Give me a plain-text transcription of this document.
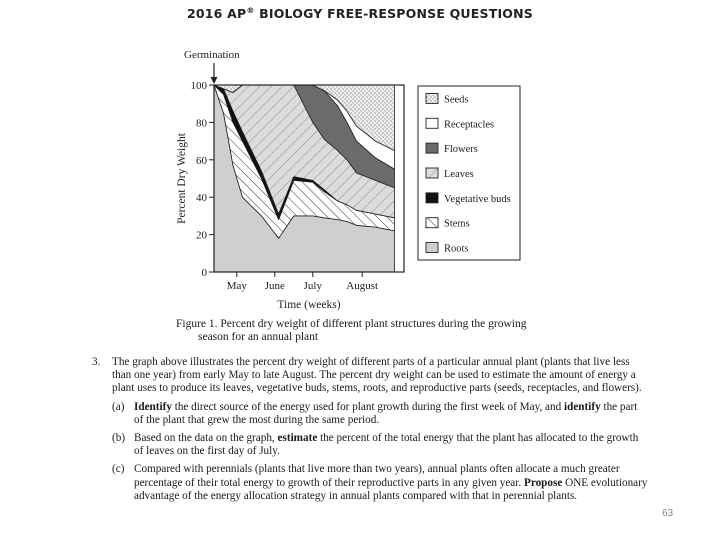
2016 AP® BIOLOGY FREE-RESPONSE QUESTIONS
0
20
40
60
80
100
May June July August
Time (weeks)
Percent Dry Weight
Germination
Seeds
Receptacles
Flowers
Leaves
Vegetative buds
Stems
Roots
Figure 1. Percent dry weight of different plant structures during the growing
season for an annual plant
3.	The graph above illustrates the percent dry weight of different parts of a particular annual plant (plants that live less than one year) from early May to late August. The percent dry weight can be used to estimate the amount of energy a plant uses to produce its leaves, vegetative buds, stems, roots, and reproductive parts (seeds, receptacles, and flowers).
(a) Identify the direct source of the energy used for plant growth during the first week of May, and identify the part of the plant that grew the most during the same period.
(b) Based on the data on the graph, estimate the percent of the total energy that the plant has allocated to the growth of leaves on the first day of July.
(c) Compared with perennials (plants that live more than two years), annual plants often allocate a much greater percentage of their total energy to growth of their reproductive parts in any given year. Propose ONE evolutionary advantage of the energy allocation strategy in annual plants compared with that in perennial plants.
63
